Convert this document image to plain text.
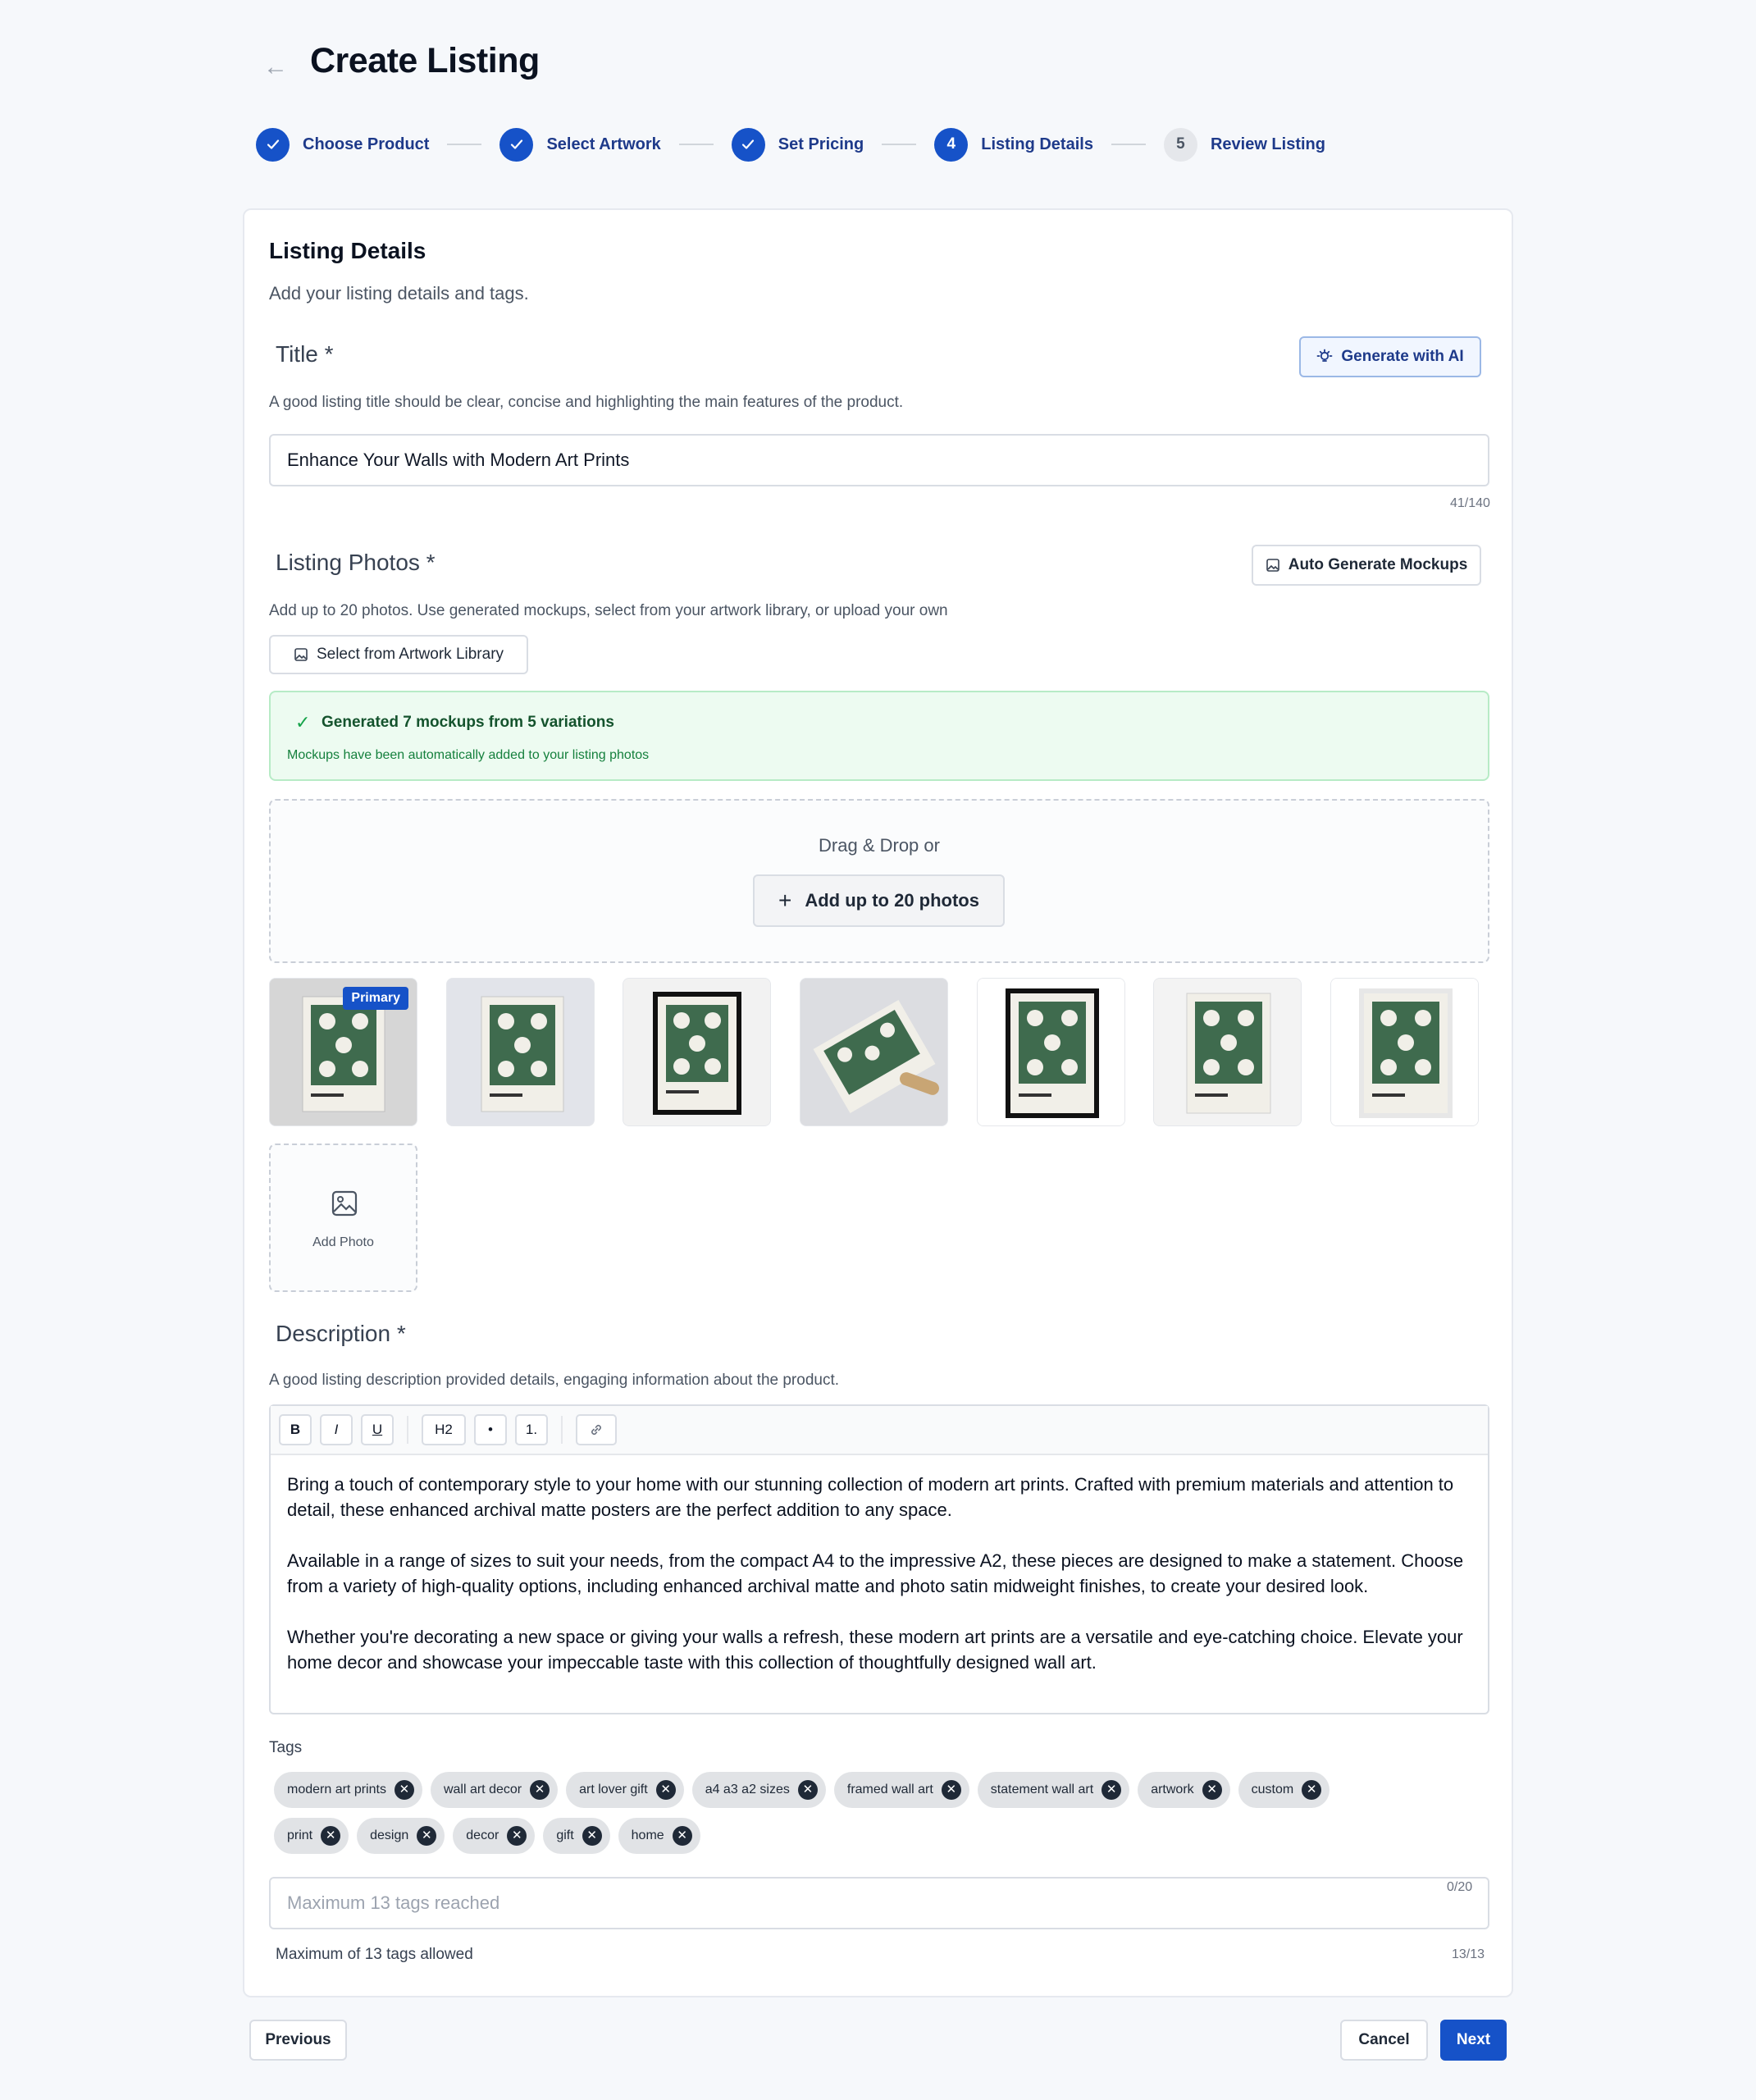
← Create Listing
Choose Product	Select Artwork	Set Pricing	4	Listing Details	5	Review Listing
Listing Details
Add your listing details and tags.
Title *	Generate with AI
A good listing title should be clear, concise and highlighting the main features of the product.
Enhance Your Walls with Modern Art Prints
41/140
Listing Photos *	Auto Generate Mockups
Add up to 20 photos. Use generated mockups, select from your artwork library, or upload your own
Select from Artwork Library
✓ Generated 7 mockups from 5 variations
Mockups have been automatically added to your listing photos
Drag & Drop or
+ Add up to 20 photos
Primary
Add Photo
Description *
A good listing description provided details, engaging information about the product.
B	I	U	H2	•	1.

Bring a touch of contemporary style to your home with our stunning collection of modern art prints. Crafted with premium materials and attention to detail, these enhanced archival matte posters are the perfect addition to any space.

Available in a range of sizes to suit your needs, from the compact A4 to the impressive A2, these pieces are designed to make a statement. Choose from a variety of high-quality options, including enhanced archival matte and photo satin midweight finishes, to create your desired look.

Whether you're decorating a new space or giving your walls a refresh, these modern art prints are a versatile and eye-catching choice. Elevate your home decor and showcase your impeccable taste with this collection of thoughtfully designed wall art.

Tags
modern art prints	✕	wall art decor	✕	art lover gift	✕	a4 a3 a2 sizes	✕	framed wall art	✕	statement wall art	✕	artwork	✕	custom	✕
print	✕	design	✕	decor	✕	gift	✕	home	✕
Maximum 13 tags reached
0/20
Maximum of 13 tags allowed	13/13
Previous	Cancel	Next
